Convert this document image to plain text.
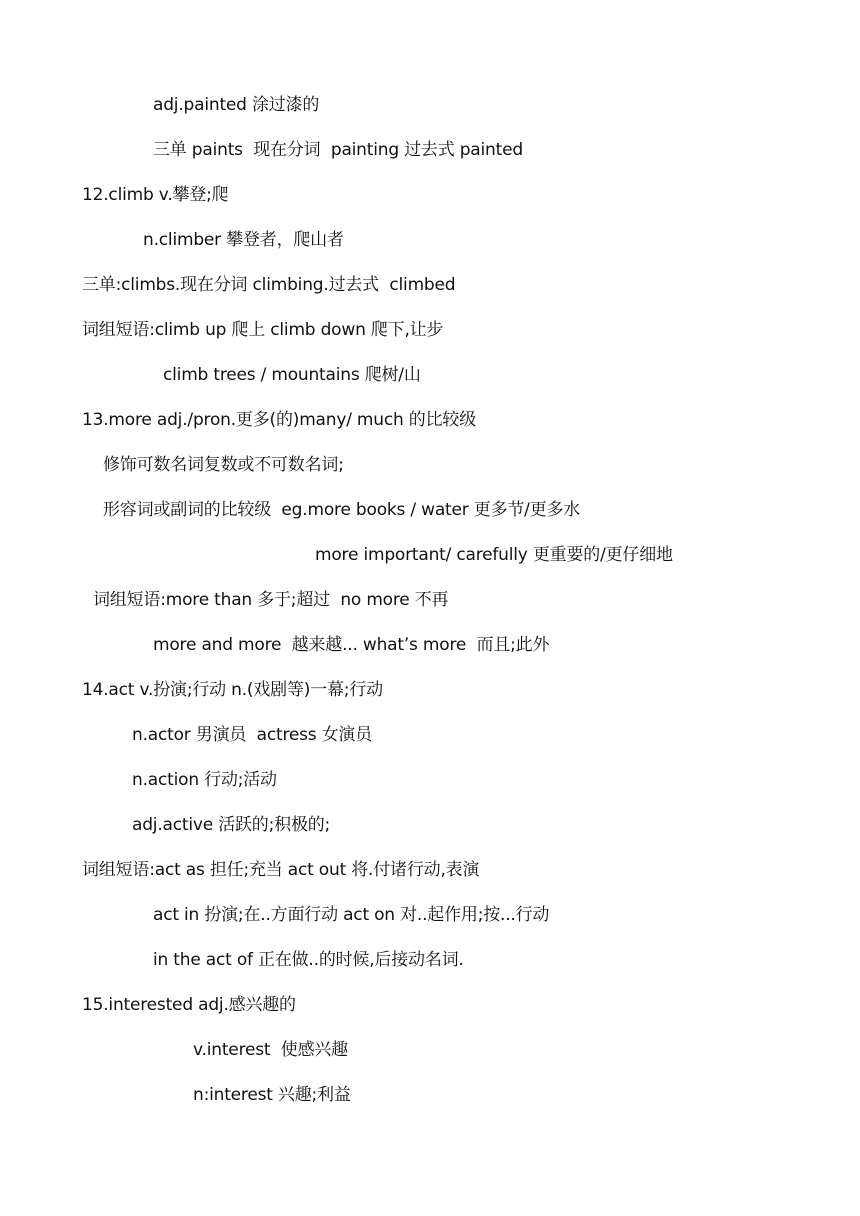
adj.painted 涂过漆的
三单 paints  现在分词  painting 过去式 painted
12.climb v.攀登;爬
n.climber 攀登者，爬山者
三单:climbs.现在分词 climbing.过去式  climbed
词组短语:climb up 爬上 climb down 爬下,让步
climb trees / mountains 爬树/山
13.more adj./pron.更多(的)many/ much 的比较级
修饰可数名词复数或不可数名词;
形容词或副词的比较级  eg.more books / water 更多节/更多水
more important/ carefully 更重要的/更仔细地
词组短语:more than 多于;超过  no more 不再
more and more  越来越... what’s more  而且;此外
14.act v.扮演;行动 n.(戏剧等)一幕;行动
n.actor 男演员  actress 女演员
n.action 行动;活动
adj.active 活跃的;积极的;
词组短语:act as 担任;充当 act out 将.付诸行动,表演
act in 扮演;在..方面行动 act on 对..起作用;按...行动
in the act of 正在做..的时候,后接动名词.
15.interested adj.感兴趣的
v.interest  使感兴趣
n:interest 兴趣;利益
